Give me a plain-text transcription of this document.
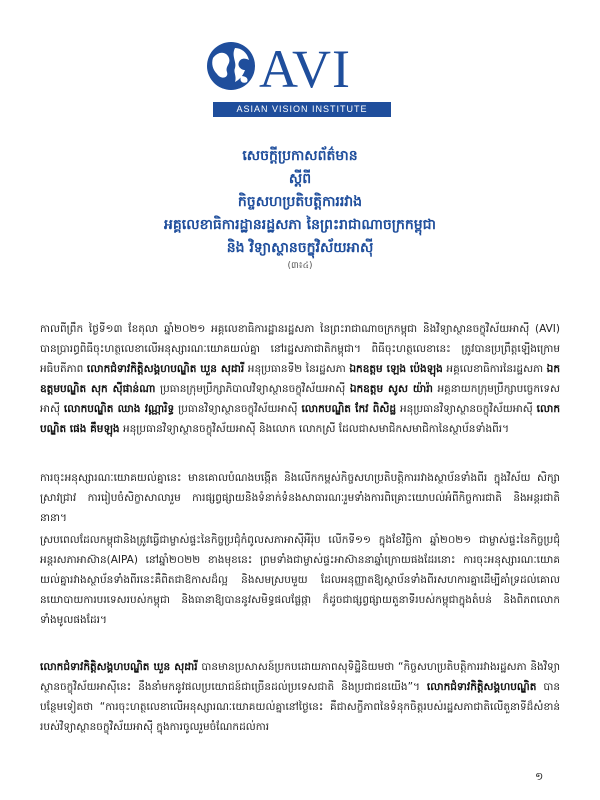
AVI
ASIAN VISION INSTITUTE
សេចក្តីប្រកាសព័ត៌មាន
ស្តីពី
កិច្ចសហប្រតិបត្តិការរវាង
អគ្គលេខាធិការដ្ឋានរដ្ឋសភា នៃព្រះរាជាណាចក្រកម្ពុជា
និង វិទ្យាស្ថានចក្ខុវិស័យអាស៊ី
(៣៖៤)
កាលពីព្រឹក ថ្ងៃទី១៣ ខែតុលា ឆ្នាំ២០២១ អគ្គលេខាធិការដ្ឋានរដ្ឋសភា នៃព្រះរាជាណាចក្រកម្ពុជា និងវិទ្យាស្ថានចក្ខុវិស័យអាស៊ី (AVI) បានប្រារព្ធពិធីចុះហត្ថលេខាលើអនុស្សារណៈយោគយល់គ្នា នៅរដ្ឋសភាជាតិកម្ពុជា។ ពិធីចុះហត្ថលេខានេះ ត្រូវបានប្រព្រឹត្តឡើងក្រោមអធិបតីភាព លោកជំទាវកិត្តិសង្គហបណ្ឌិត ឃួន សុដារី អនុប្រធានទី២ នៃរដ្ឋសភា ឯកឧត្តម ឡេង ប៉េងឡុង អគ្គលេខាធិការនៃរដ្ឋសភា ឯកឧត្តមបណ្ឌិត សុក ស៊ីផាន់ណា ប្រធានក្រុមប្រឹក្សាភិបាលវិទ្យាស្ថានចក្ខុវិស័យអាស៊ី ឯកឧត្តម សូស យ៉ារ៉ា អគ្គនាយកក្រុមប្រឹក្សាបច្ចេកទេសអាស៊ី លោកបណ្ឌិត ឈាង វណ្ណារិទ្ធ ប្រធានវិទ្យាស្ថានចក្ខុវិស័យអាស៊ី លោកបណ្ឌិត កែវ ពិសិដ្ឋ អនុប្រធានវិទ្យាស្ថានចក្ខុវិស័យអាស៊ី លោកបណ្ឌិត ផេង គឹមឡុង អនុប្រធានវិទ្យាស្ថានចក្ខុវិស័យអាស៊ី និងលោក លោកស្រី ដែលជាសមាជិកសមាជិកានៃស្ថាប័នទាំងពីរ។
ការចុះអនុស្សារណៈយោគយល់គ្នានេះ មានគោលបំណងបង្កើត និងលើកកម្ពស់កិច្ចសហប្រតិបត្តិការរវាងស្ថាប័នទាំងពីរ ក្នុងវិស័យ សិក្សា ស្រាវជ្រាវ ការរៀបចំសិក្ខាសាលារួម ការផ្សព្វផ្សាយនិងទំនាក់ទំនងសាធារណៈរួមទាំងការពិគ្រោះយោបល់អំពីកិច្ចការជាតិ និងអន្តរជាតិនានា។
ស្របពេលដែលកម្ពុជានិងត្រូវធ្វើជាម្ចាស់ផ្ទះនៃកិច្ចប្រជុំកំពូលសភាអាស៊ីអឺរ៉ុប លើកទី១១ ក្នុងខែវិច្ឆិកា ឆ្នាំ២០២១ ជាម្ចាស់ផ្ទះនៃកិច្ចប្រជុំអន្តរសភាអាស៊ាន(AIPA) នៅឆ្នាំ២០២២ ខាងមុខនេះ ព្រមទាំងជាម្ចាស់ផ្ទះអាស៊ាននាឆ្នាំក្រោយផងដែរនោះ ការចុះអនុស្សារណៈយោគយល់គ្នារវាងស្ថាប័នទាំងពីរនេះគឺពិតជាឱកាសដ៏ល្អ និងសមស្របមួយ ដែលអនុញ្ញាតឱ្យស្ថាប័នទាំងពីរសហការគ្នាដើម្បីគាំទ្រដល់គោលនយោបាយការបរទេសរបស់កម្ពុជា និងធានាឱ្យបាននូវសមិទ្ធផលផ្លែផ្កា ក៏ដូចជាផ្សព្វផ្សាយតួនាទីរបស់កម្ពុជាក្នុងតំបន់ និងពិភពលោកទាំងមូលផងដែរ។
លោកជំទាវកិត្តិសង្គហបណ្ឌិត ឃួន សុដារី បានមានប្រសាសន៍ប្រកបដោយភាពសុទិដ្ឋិនិយមថា “កិច្ចសហប្រតិបត្តិការរវាងរដ្ឋសភា និងវិទ្យាស្ថានចក្ខុវិស័យអាស៊ីនេះ នឹងនាំមកនូវផលប្រយោជន៍ជាច្រើនដល់ប្រទេសជាតិ និងប្រជាជនយើង”។ លោកជំទាវកិត្តិសង្គហបណ្ឌិត បានបន្ថែមទៀតថា “ការចុះហត្ថលេខាលើអនុស្សារណៈយោគយល់គ្នានៅថ្ងៃនេះ គឺជាសក្ខីភាពនៃទំនុកចិត្តរបស់រដ្ឋសភាជាតិលើតួនាទីដ៏សំខាន់របស់វិទ្យាស្ថានចក្ខុវិស័យអាស៊ី ក្នុងការចូលរួមចំណែកដល់ការ
១
